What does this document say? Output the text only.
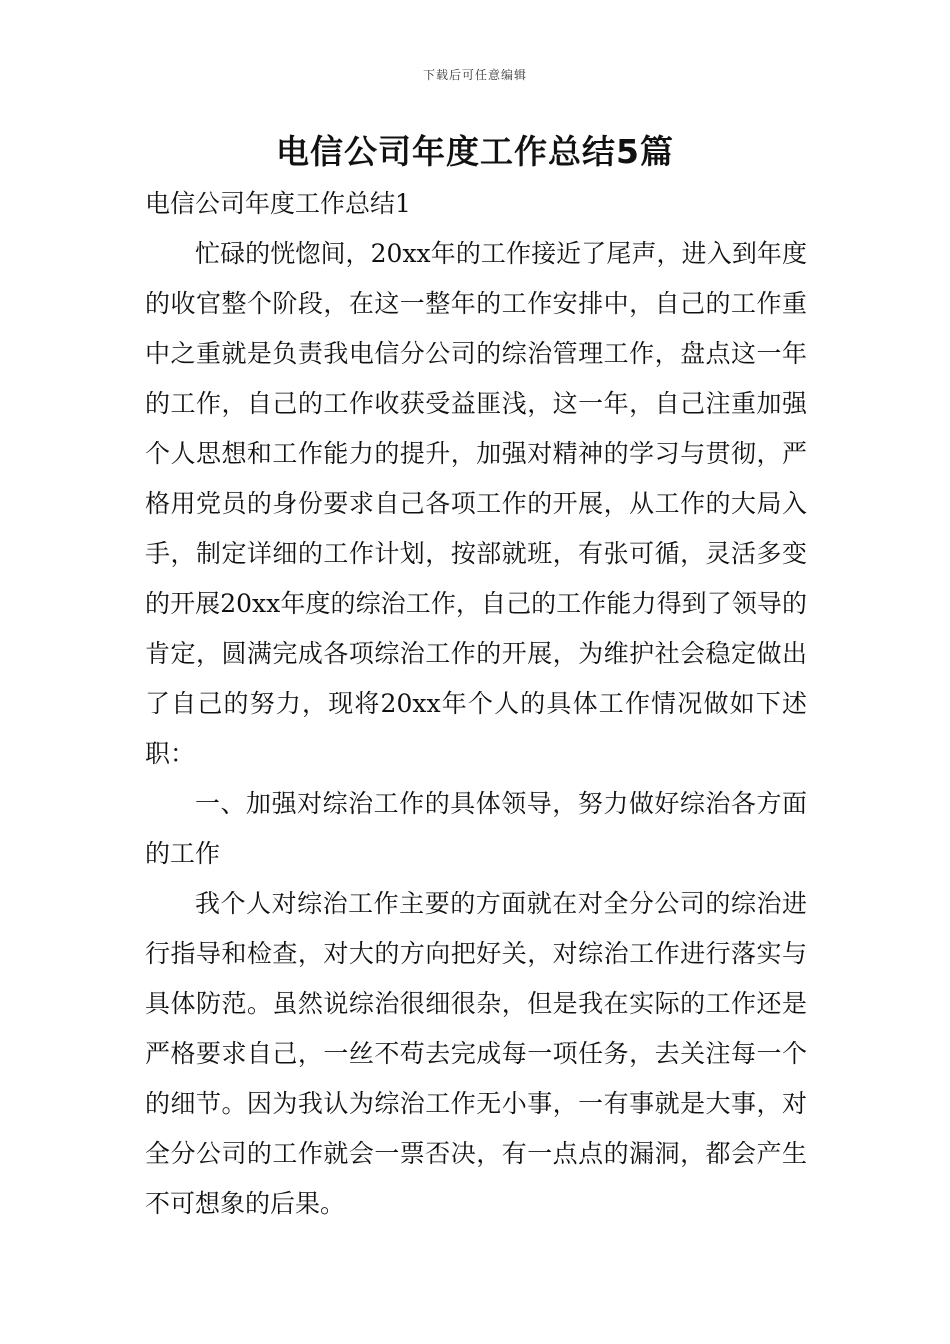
下载后可任意编辑
电信公司年度工作总结5篇

电信公司年度工作总结1

忙碌的恍惚间，20xx年的工作接近了尾声，进入到年度的收官整个阶段，在这一整年的工作安排中，自己的工作重中之重就是负责我电信分公司的综治管理工作，盘点这一年的工作，自己的工作收获受益匪浅，这一年，自己注重加强个人思想和工作能力的提升，加强对精神的学习与贯彻，严格用党员的身份要求自己各项工作的开展，从工作的大局入手，制定详细的工作计划，按部就班，有张可循，灵活多变的开展20xx年度的综治工作，自己的工作能力得到了领导的肯定，圆满完成各项综治工作的开展，为维护社会稳定做出了自己的努力，现将20xx年个人的具体工作情况做如下述职：

一、加强对综治工作的具体领导，努力做好综治各方面的工作

我个人对综治工作主要的方面就在对全分公司的综治进行指导和检查，对大的方向把好关，对综治工作进行落实与具体防范。虽然说综治很细很杂，但是我在实际的工作还是严格要求自己，一丝不苟去完成每一项任务，去关注每一个的细节。因为我认为综治工作无小事，一有事就是大事，对全分公司的工作就会一票否决，有一点点的漏洞，都会产生不可想象的后果。
